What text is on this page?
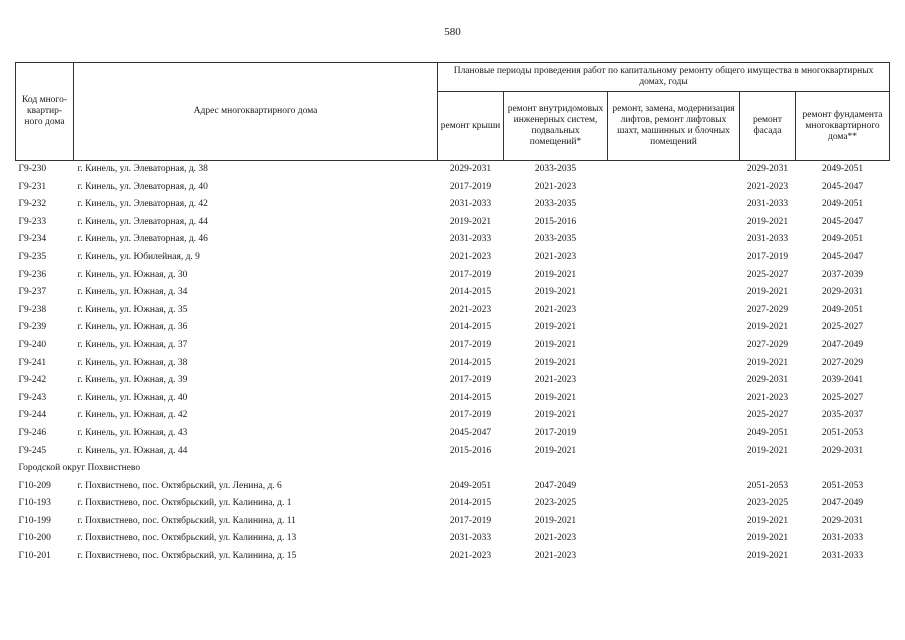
580
Код много-квартир-ного дома	Адрес многоквартирного дома	Плановые периоды проведения работ по капитальному ремонту общего имущества в многоквартирных домах, годы				
		ремонт крыши	ремонт внутридомовых инженерных систем, подвальных помещений*	ремонт, замена, модернизация лифтов, ремонт лифтовых шахт, машинных и блочных помещений	ремонт фасада	ремонт фундамента многоквартирного дома**
Г9-230	г. Кинель, ул. Элеваторная, д. 38	2029-2031	2033-2035		2029-2031	2049-2051
Г9-231	г. Кинель, ул. Элеваторная, д. 40	2017-2019	2021-2023		2021-2023	2045-2047
Г9-232	г. Кинель, ул. Элеваторная, д. 42	2031-2033	2033-2035		2031-2033	2049-2051
Г9-233	г. Кинель, ул. Элеваторная, д. 44	2019-2021	2015-2016		2019-2021	2045-2047
Г9-234	г. Кинель, ул. Элеваторная, д. 46	2031-2033	2033-2035		2031-2033	2049-2051
Г9-235	г. Кинель, ул. Юбилейная, д. 9	2021-2023	2021-2023		2017-2019	2045-2047
Г9-236	г. Кинель, ул. Южная, д. 30	2017-2019	2019-2021		2025-2027	2037-2039
Г9-237	г. Кинель, ул. Южная, д. 34	2014-2015	2019-2021		2019-2021	2029-2031
Г9-238	г. Кинель, ул. Южная, д. 35	2021-2023	2021-2023		2027-2029	2049-2051
Г9-239	г. Кинель, ул. Южная, д. 36	2014-2015	2019-2021		2019-2021	2025-2027
Г9-240	г. Кинель, ул. Южная, д. 37	2017-2019	2019-2021		2027-2029	2047-2049
Г9-241	г. Кинель, ул. Южная, д. 38	2014-2015	2019-2021		2019-2021	2027-2029
Г9-242	г. Кинель, ул. Южная, д. 39	2017-2019	2021-2023		2029-2031	2039-2041
Г9-243	г. Кинель, ул. Южная, д. 40	2014-2015	2019-2021		2021-2023	2025-2027
Г9-244	г. Кинель, ул. Южная, д. 42	2017-2019	2019-2021		2025-2027	2035-2037
Г9-246	г. Кинель, ул. Южная, д. 43	2045-2047	2017-2019		2049-2051	2051-2053
Г9-245	г. Кинель, ул. Южная, д. 44	2015-2016	2019-2021		2019-2021	2029-2031
Городской округ Похвистнево						
Г10-209	г. Похвистнево, пос. Октябрьский, ул. Ленина, д. 6	2049-2051	2047-2049		2051-2053	2051-2053
Г10-193	г. Похвистнево, пос. Октябрьский, ул. Калинина, д. 1	2014-2015	2023-2025		2023-2025	2047-2049
Г10-199	г. Похвистнево, пос. Октябрьский, ул. Калинина, д. 11	2017-2019	2019-2021		2019-2021	2029-2031
Г10-200	г. Похвистнево, пос. Октябрьский, ул. Калинина, д. 13	2031-2033	2021-2023		2019-2021	2031-2033
Г10-201	г. Похвистнево, пос. Октябрьский, ул. Калинина, д. 15	2021-2023	2021-2023		2019-2021	2031-2033
